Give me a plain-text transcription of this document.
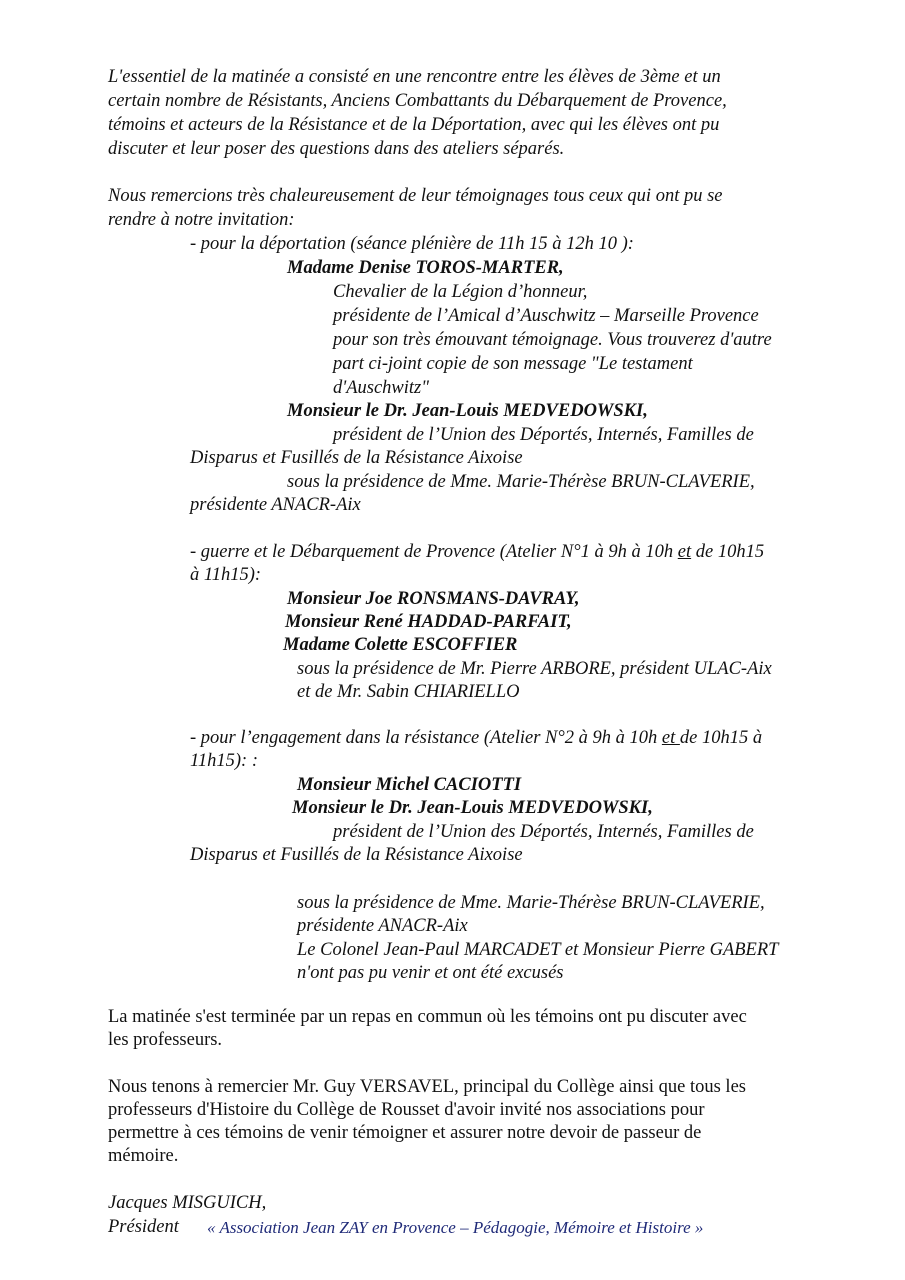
L'essentiel de la matinée a consisté en une rencontre entre les élèves de 3ème et un
certain nombre de Résistants, Anciens Combattants du Débarquement de Provence,
témoins et acteurs de la Résistance et de la Déportation, avec qui les élèves ont pu
discuter et leur poser des questions dans des ateliers séparés.
Nous remercions très chaleureusement de leur témoignages tous ceux qui ont pu se
rendre à notre invitation:
- pour la déportation (séance plénière de 11h 15 à 12h 10 ):
Madame Denise TOROS-MARTER,
Chevalier de la Légion d’honneur,
présidente de l’Amical d’Auschwitz – Marseille Provence
pour son très émouvant témoignage. Vous trouverez d'autre
part ci-joint copie de son message "Le testament
d'Auschwitz"
Monsieur le Dr. Jean-Louis MEDVEDOWSKI,
président de l’Union des Déportés, Internés, Familles de
Disparus et Fusillés de la Résistance Aixoise
sous la présidence de Mme. Marie-Thérèse BRUN-CLAVERIE,
présidente ANACR-Aix
- guerre et le Débarquement de Provence (Atelier N°1 à 9h à 10h et de 10h15
à 11h15):
Monsieur Joe RONSMANS-DAVRAY,
Monsieur René HADDAD-PARFAIT,
Madame Colette ESCOFFIER
sous la présidence de Mr. Pierre ARBORE, président ULAC-Aix
et de Mr. Sabin CHIARIELLO
- pour l’engagement dans la résistance (Atelier N°2 à 9h à 10h et de 10h15 à
11h15): :
Monsieur Michel CACIOTTI
Monsieur le Dr. Jean-Louis MEDVEDOWSKI,
président de l’Union des Déportés, Internés, Familles de
Disparus et Fusillés de la Résistance Aixoise
sous la présidence de Mme. Marie-Thérèse BRUN-CLAVERIE,
présidente ANACR-Aix
Le Colonel Jean-Paul MARCADET et Monsieur Pierre GABERT
n'ont pas pu venir et ont été excusés
La matinée s'est terminée par un repas en commun où les témoins ont pu discuter avec
les professeurs.
Nous tenons à remercier Mr. Guy VERSAVEL, principal du Collège ainsi que tous les
professeurs d'Histoire du Collège de Rousset d'avoir invité nos associations pour
permettre à ces témoins de venir témoigner et assurer notre devoir de passeur de
mémoire.
Jacques MISGUICH,
Président « Association Jean ZAY en Provence – Pédagogie, Mémoire et Histoire »
